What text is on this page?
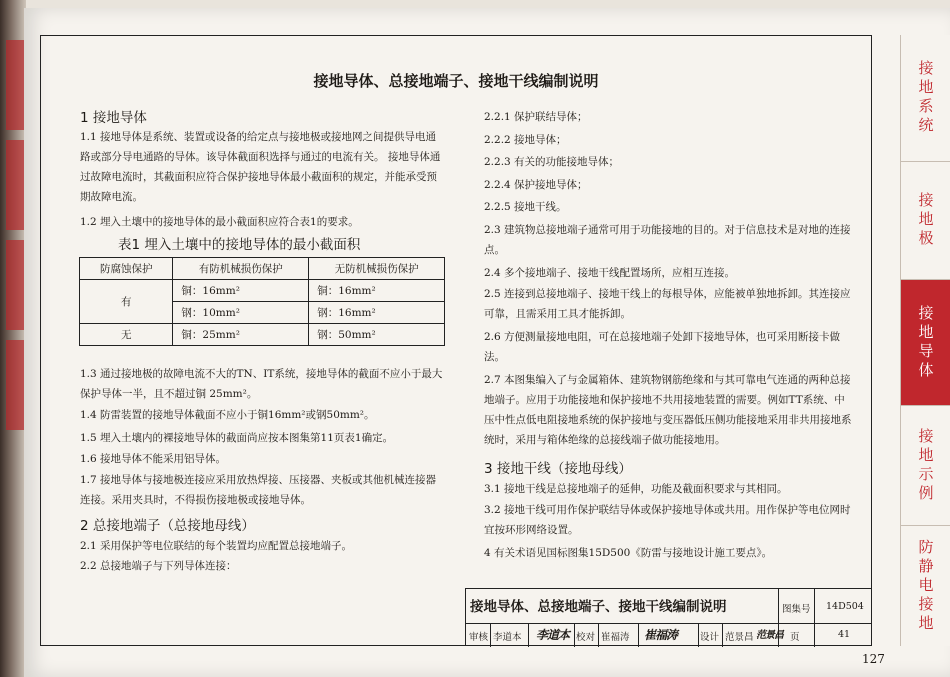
接地导体、总接地端子、接地干线编制说明
1 接地导体
1.1 接地导体是系统、装置或设备的给定点与接地极或接地网之间提供导电通路或部分导电通路的导体。该导体截面积选择与通过的电流有关。 接地导体通过故障电流时，其截面积应符合保护接地导体最小截面积的规定，并能承受预期故障电流。
1.2 埋入土壤中的接地导体的最小截面积应符合表1的要求。
表1 埋入土壤中的接地导体的最小截面积
防腐蚀保护	有防机械损伤保护	无防机械损伤保护
有	铜：16mm²	铜：16mm²
	钢：10mm²	钢：16mm²
无	铜：25mm²	钢：50mm²
1.3 通过接地极的故障电流不大的TN、IT系统，接地导体的截面不应小于最大保护导体一半，且不超过铜 25mm²。
1.4 防雷装置的接地导体截面不应小于铜16mm²或钢50mm²。
1.5 埋入土壤内的裸接地导体的截面尚应按本图集第11页表1确定。
1.6 接地导体不能采用铝导体。
1.7 接地导体与接地极连接应采用放热焊接、压接器、夹板或其他机械连接器连接。采用夹具时，不得损伤接地极或接地导体。
2 总接地端子（总接地母线）
2.1 采用保护等电位联结的每个装置均应配置总接地端子。
2.2 总接地端子与下列导体连接：
2.2.1 保护联结导体；
2.2.2 接地导体；
2.2.3 有关的功能接地导体；
2.2.4 保护接地导体；
2.2.5 接地干线。
2.3 建筑物总接地端子通常可用于功能接地的目的。对于信息技术是对地的连接点。
2.4 多个接地端子、接地干线配置场所，应相互连接。
2.5 连接到总接地端子、接地干线上的每根导体，应能被单独地拆卸。其连接应可靠，且需采用工具才能拆卸。
2.6 方便测量接地电阻，可在总接地端子处卸下接地导体，也可采用断接卡做法。
2.7 本图集编入了与金属箱体、建筑物钢筋绝缘和与其可靠电气连通的两种总接地端子。应用于功能接地和保护接地不共用接地装置的需要。例如TT系统、中压中性点低电阻接地系统的保护接地与变压器低压侧功能接地采用非共用接地系统时，采用与箱体绝缘的总接线端子做功能接地用。
3 接地干线（接地母线）
3.1 接地干线是总接地端子的延伸，功能及截面积要求与其相同。
3.2 接地干线可用作保护联结导体或保护接地导体或共用。用作保护等电位网时宜按环形网络设置。
4 有关术语见国标图集15D500《防雷与接地设计施工要点》。
接地导体、总接地端子、接地干线编制说明	图集号 14D504
页	41
审核 李道本 李道本 校对 崔福涛 崔福涛 设计 范景昌 范景昌
127
接地系统
接地极
接地导体
接地示例
防静电接地
